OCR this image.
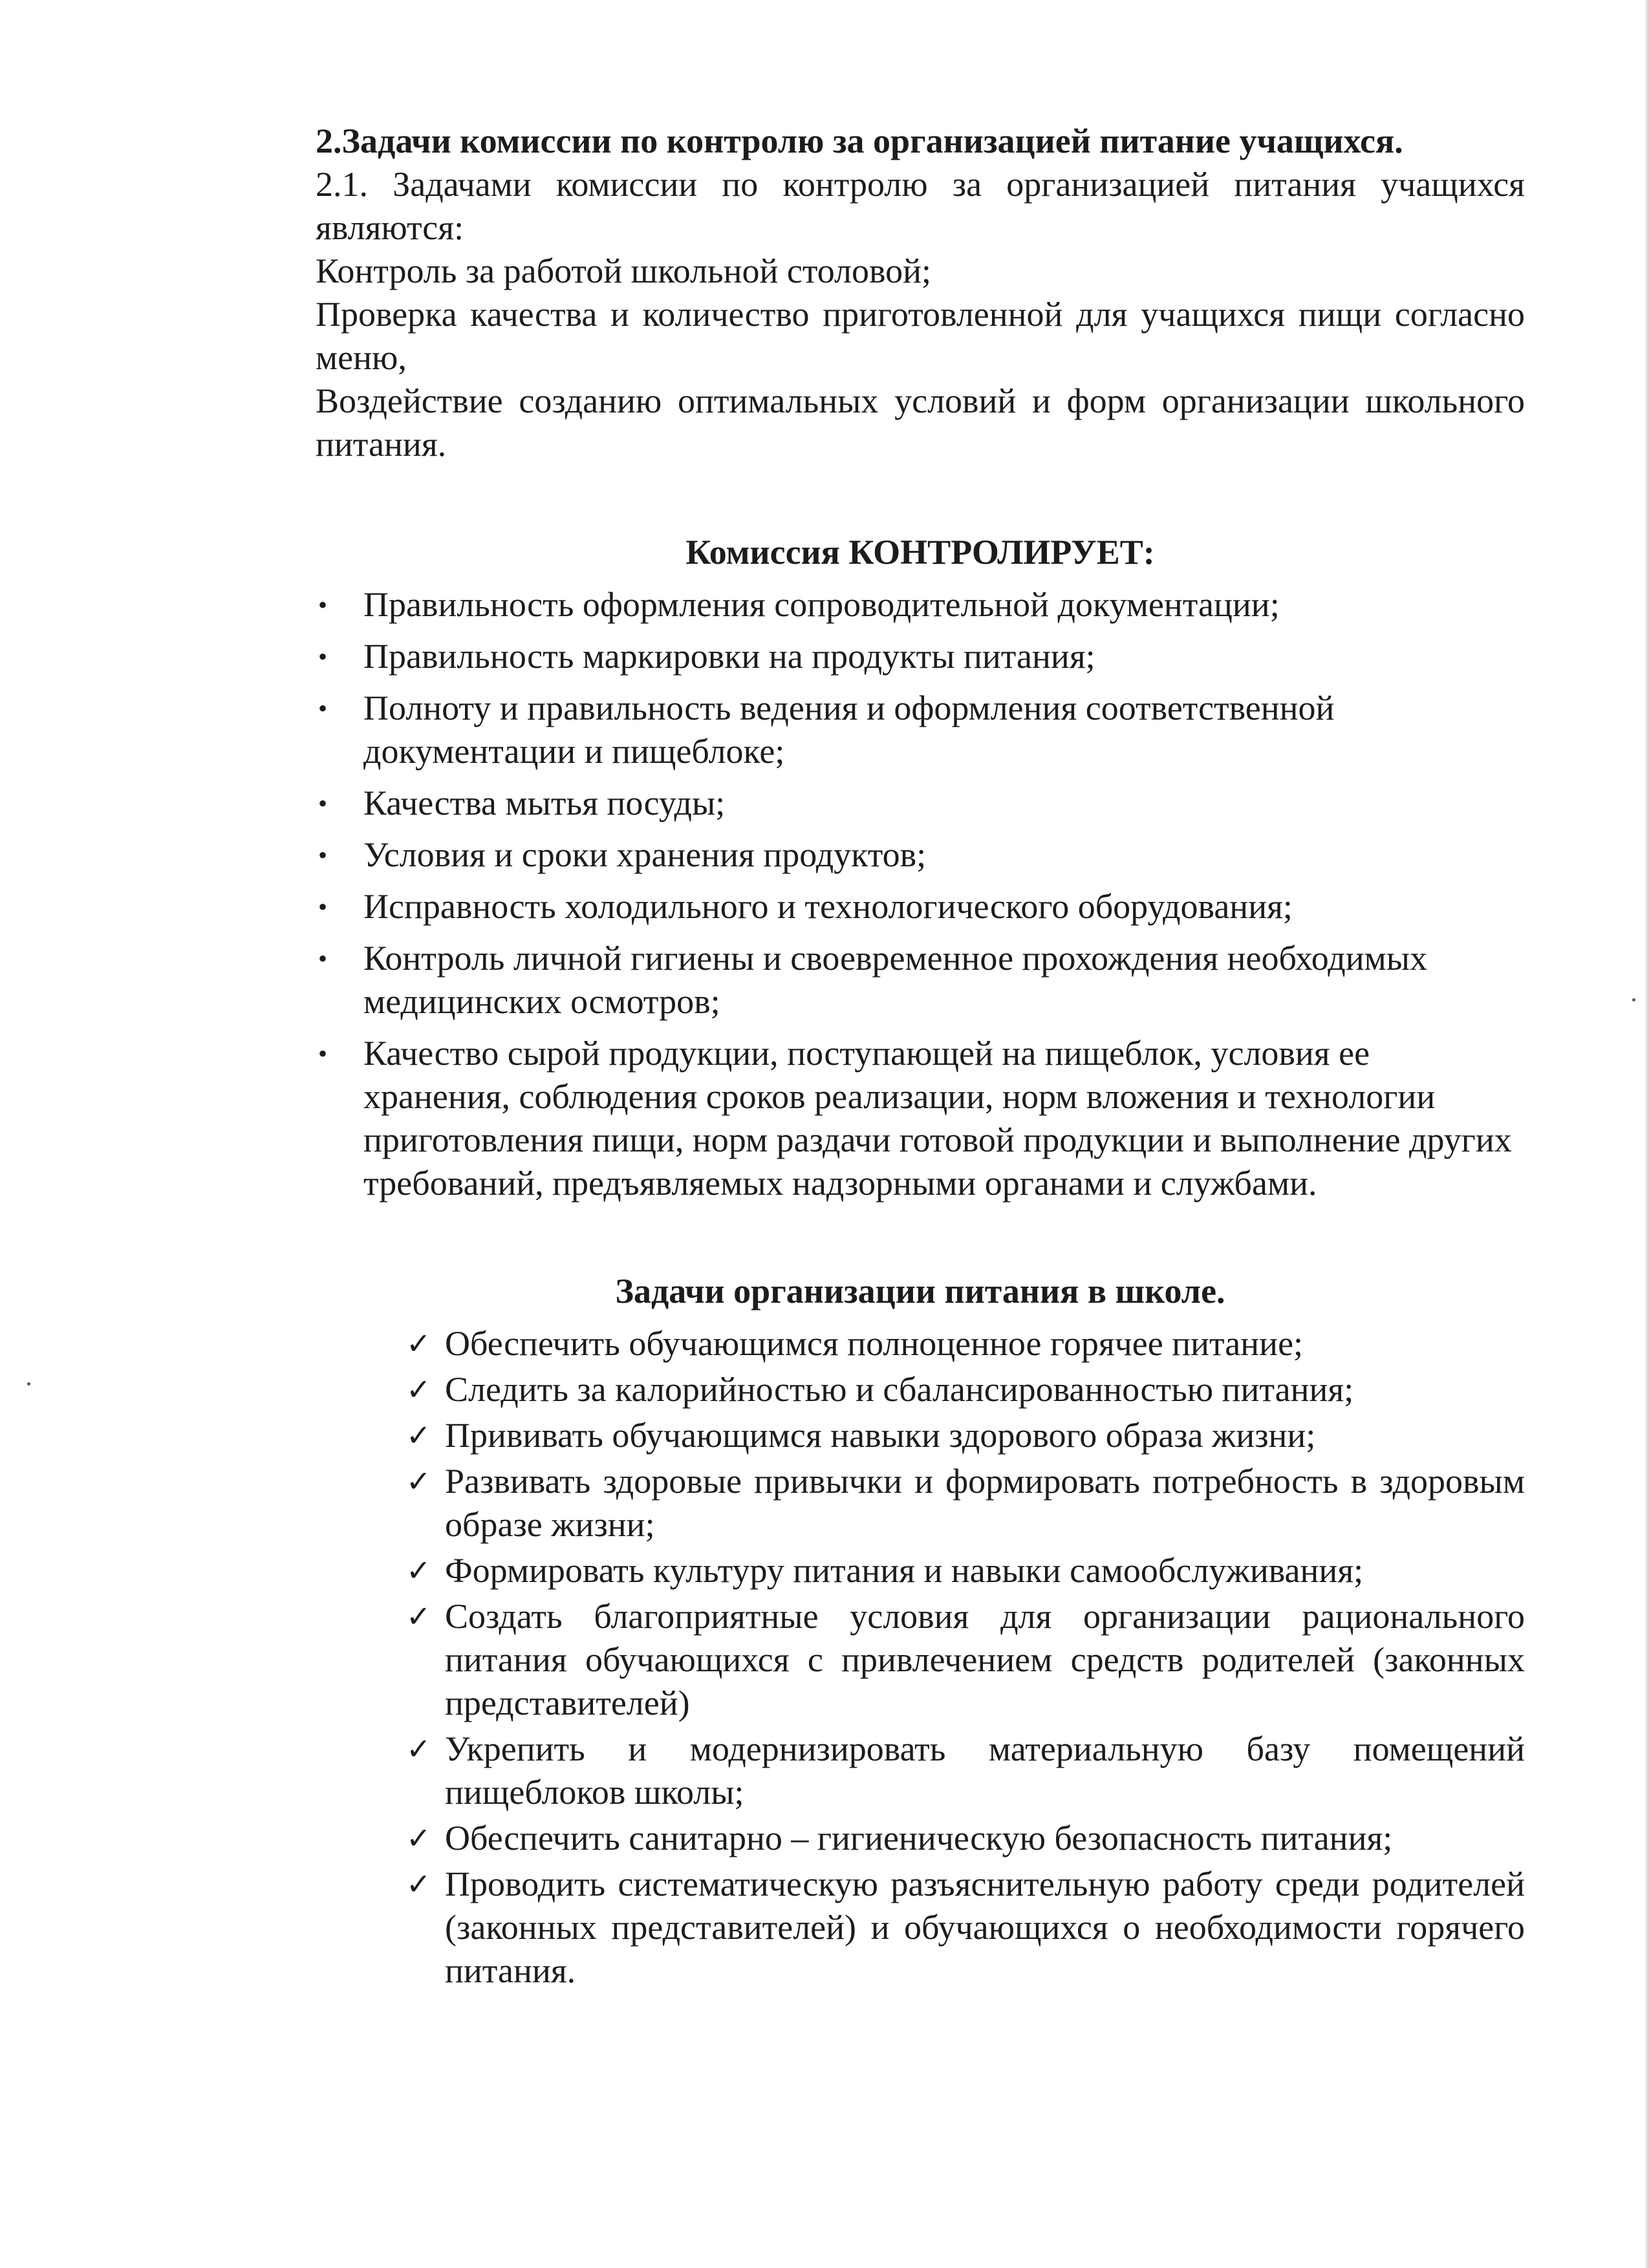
2.Задачи комиссии по контролю за организацией питание учащихся.

2.1. Задачами комиссии по контролю за организацией питания учащихся являются:

Контроль за работой школьной столовой;

Проверка качества и количество приготовленной для учащихся пищи согласно меню,

Воздействие созданию оптимальных условий и форм организации школьного питания.

Комиссия КОНТРОЛИРУЕТ:
• Правильность оформления сопроводительной документации;
• Правильность маркировки на продукты питания;
• Полноту и правильность ведения и оформления соответственной документации и пищеблоке;
• Качества мытья посуды;
• Условия и сроки хранения продуктов;
• Исправность холодильного и технологического оборудования;
• Контроль личной гигиены и своевременное прохождения необходимых медицинских осмотров;
• Качество сырой продукции, поступающей на пищеблок, условия ее хранения, соблюдения сроков реализации, норм вложения и технологии приготовления пищи, норм раздачи готовой продукции и выполнение других требований, предъявляемых надзорными органами и службами.
Задачи организации питания в школе.
✓ Обеспечить обучающимся полноценное горячее питание;
✓ Следить за калорийностью и сбалансированностью питания;
✓ Прививать обучающимся навыки здорового образа жизни;
✓ Развивать здоровые привычки и формировать потребность в здоровым образе жизни;
✓ Формировать культуру питания и навыки самообслуживания;
✓ Создать благоприятные условия для организации рационального питания обучающихся с привлечением средств родителей (законных представителей)
✓ Укрепить и модернизировать материальную базу помещений пищеблоков школы;
✓ Обеспечить санитарно – гигиеническую безопасность питания;
✓ Проводить систематическую разъяснительную работу среди родителей (законных представителей) и обучающихся о необходимости горячего питания.
